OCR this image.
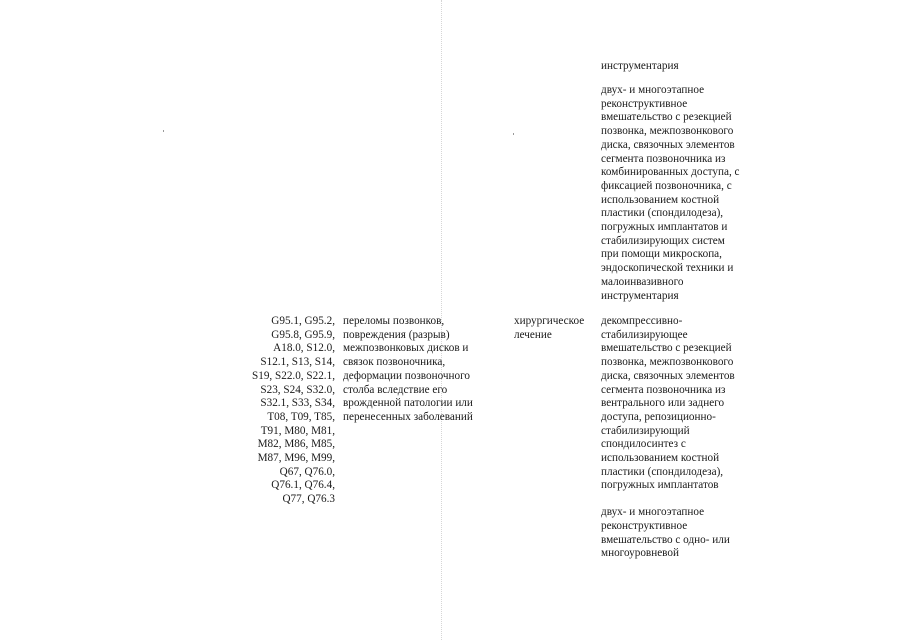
инструментария
двух- и многоэтапное
реконструктивное
вмешательство с резекцией
позвонка, межпозвонкового
диска, связочных элементов
сегмента позвоночника из
комбинированных доступа, с
фиксацией позвоночника, с
использованием костной
пластики (спондилодеза),
погружных имплантатов и
стабилизирующих систем
при помощи микроскопа,
эндоскопической техники и
малоинвазивного
инструментария
G95.1, G95.2,
G95.8, G95.9,
A18.0, S12.0,
S12.1, S13, S14,
S19, S22.0, S22.1,
S23, S24, S32.0,
S32.1, S33, S34,
T08, T09, T85,
T91, M80, M81,
M82, M86, M85,
M87, M96, M99,
Q67, Q76.0,
Q76.1, Q76.4,
Q77, Q76.3
переломы позвонков,
повреждения (разрыв)
межпозвонковых дисков и
связок позвоночника,
деформации позвоночного
столба вследствие его
врожденной патологии или
перенесенных заболеваний
хирургическое
лечение
декомпрессивно-
стабилизирующее
вмешательство с резекцией
позвонка, межпозвонкового
диска, связочных элементов
сегмента позвоночника из
вентрального или заднего
доступа, репозиционно-
стабилизирующий
спондилосинтез с
использованием костной
пластики (спондилодеза),
погружных имплантатов
двух- и многоэтапное
реконструктивное
вмешательство с одно- или
многоуровневой
